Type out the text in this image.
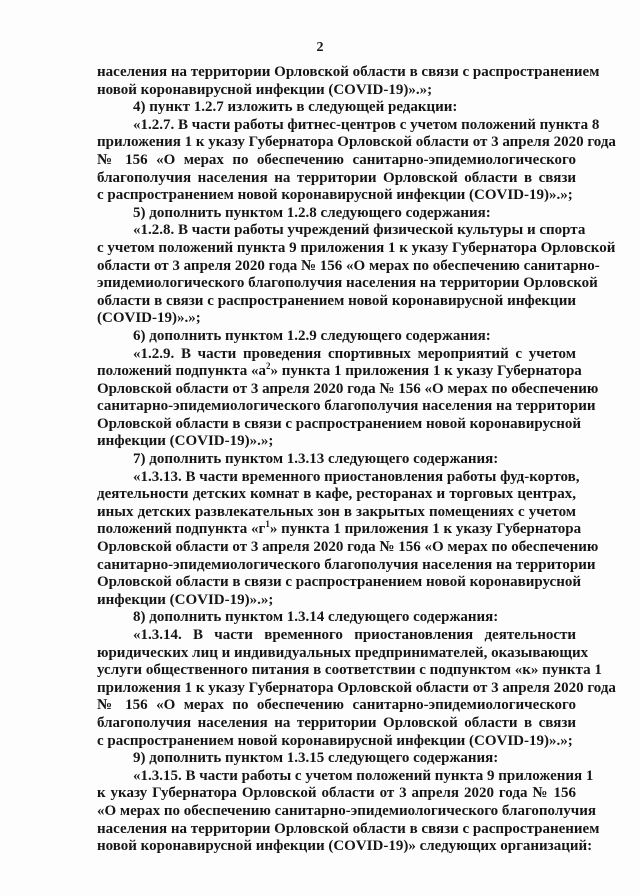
2
населения на территории Орловской области в связи с распространением
новой коронавирусной инфекции (COVID-19)».»;
4) пункт 1.2.7 изложить в следующей редакции:
«1.2.7. В части работы фитнес-центров с учетом положений пункта 8
приложения 1 к указу Губернатора Орловской области от 3 апреля 2020 года
№ 156 «О мерах по обеспечению санитарно-эпидемиологического
благополучия населения на территории Орловской области в связи
с распространением новой коронавирусной инфекции (COVID-19)».»;
5) дополнить пунктом 1.2.8 следующего содержания:
«1.2.8. В части работы учреждений физической культуры и спорта
с учетом положений пункта 9 приложения 1 к указу Губернатора Орловской
области от 3 апреля 2020 года № 156 «О мерах по обеспечению санитарно-
эпидемиологического благополучия населения на территории Орловской
области в связи с распространением новой коронавирусной инфекции
(COVID-19)».»;
6) дополнить пунктом 1.2.9 следующего содержания:
«1.2.9. В части проведения спортивных мероприятий с учетом
положений подпункта «$а^2$» пункта 1 приложения 1 к указу Губернатора
Орловской области от 3 апреля 2020 года № 156 «О мерах по обеспечению
санитарно-эпидемиологического благополучия населения на территории
Орловской области в связи с распространением новой коронавирусной
инфекции (COVID-19)».»;
7) дополнить пунктом 1.3.13 следующего содержания:
«1.3.13. В части временного приостановления работы фуд-кортов,
деятельности детских комнат в кафе, ресторанах и торговых центрах,
иных детских развлекательных зон в закрытых помещениях с учетом
положений подпункта «$г^1$» пункта 1 приложения 1 к указу Губернатора
Орловской области от 3 апреля 2020 года № 156 «О мерах по обеспечению
санитарно-эпидемиологического благополучия населения на территории
Орловской области в связи с распространением новой коронавирусной
инфекции (COVID-19)».»;
8) дополнить пунктом 1.3.14 следующего содержания:
«1.3.14. В части временного приостановления деятельности
юридических лиц и индивидуальных предпринимателей, оказывающих
услуги общественного питания в соответствии с подпунктом «к» пункта 1
приложения 1 к указу Губернатора Орловской области от 3 апреля 2020 года
№ 156 «О мерах по обеспечению санитарно-эпидемиологического
благополучия населения на территории Орловской области в связи
с распространением новой коронавирусной инфекции (COVID-19)».»;
9) дополнить пунктом 1.3.15 следующего содержания:
«1.3.15. В части работы с учетом положений пункта 9 приложения 1
к указу Губернатора Орловской области от 3 апреля 2020 года № 156
«О мерах по обеспечению санитарно-эпидемиологического благополучия
населения на территории Орловской области в связи с распространением
новой коронавирусной инфекции (COVID-19)» следующих организаций:
